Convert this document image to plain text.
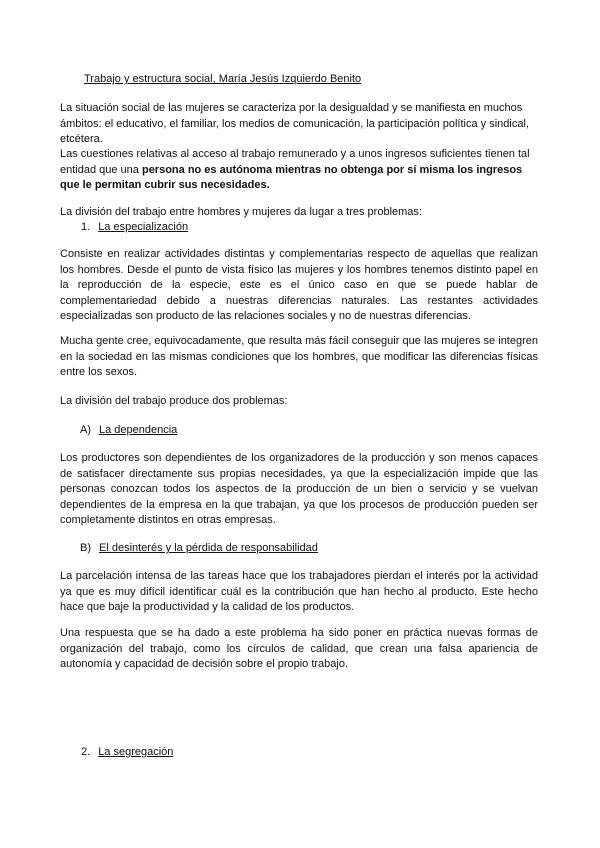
Trabajo y estructura social, María Jesús Izquierdo Benito

La situación social de las mujeres se caracteriza por la desigualdad y se manifiesta en muchos ámbitos: el educativo, el familiar, los medios de comunicación, la participación política y sindical, etcétera.

Las cuestiones relativas al acceso al trabajo remunerado y a unos ingresos suficientes tienen tal entidad que una persona no es autónoma mientras no obtenga por sí misma los ingresos que le permitan cubrir sus necesidades.

La división del trabajo entre hombres y mujeres da lugar a tres problemas:

1. La especialización

Consiste en realizar actividades distintas y complementarias respecto de aquellas que realizan los hombres. Desde el punto de vista físico las mujeres y los hombres tenemos distinto papel en la reproducción de la especie, este es el único caso en que se puede hablar de complementariedad debido a nuestras diferencias naturales. Las restantes actividades especializadas son producto de las relaciones sociales y no de nuestras diferencias.

Mucha gente cree, equivocadamente, que resulta más fácil conseguir que las mujeres se integren en la sociedad en las mismas condiciones que los hombres, que modificar las diferencias físicas entre los sexos.

La división del trabajo produce dos problemas:

A) La dependencia

Los productores son dependientes de los organizadores de la producción y son menos capaces de satisfacer directamente sus propias necesidades, ya que la especialización impide que las personas conozcan todos los aspectos de la producción de un bien o servicio y se vuelvan dependientes de la empresa en la que trabajan, ya que los procesos de producción pueden ser completamente distintos en otras empresas.

B) El desinterés y la pérdida de responsabilidad

La parcelación intensa de las tareas hace que los trabajadores pierdan el interés por la actividad ya que es muy difícil identificar cuál es la contribución que han hecho al producto. Este hecho hace que baje la productividad y la calidad de los productos.

Una respuesta que se ha dado a este problema ha sido poner en práctica nuevas formas de organización del trabajo, como los círculos de calidad, que crean una falsa apariencia de autonomía y capacidad de decisión sobre el propio trabajo.

2. La segregación
